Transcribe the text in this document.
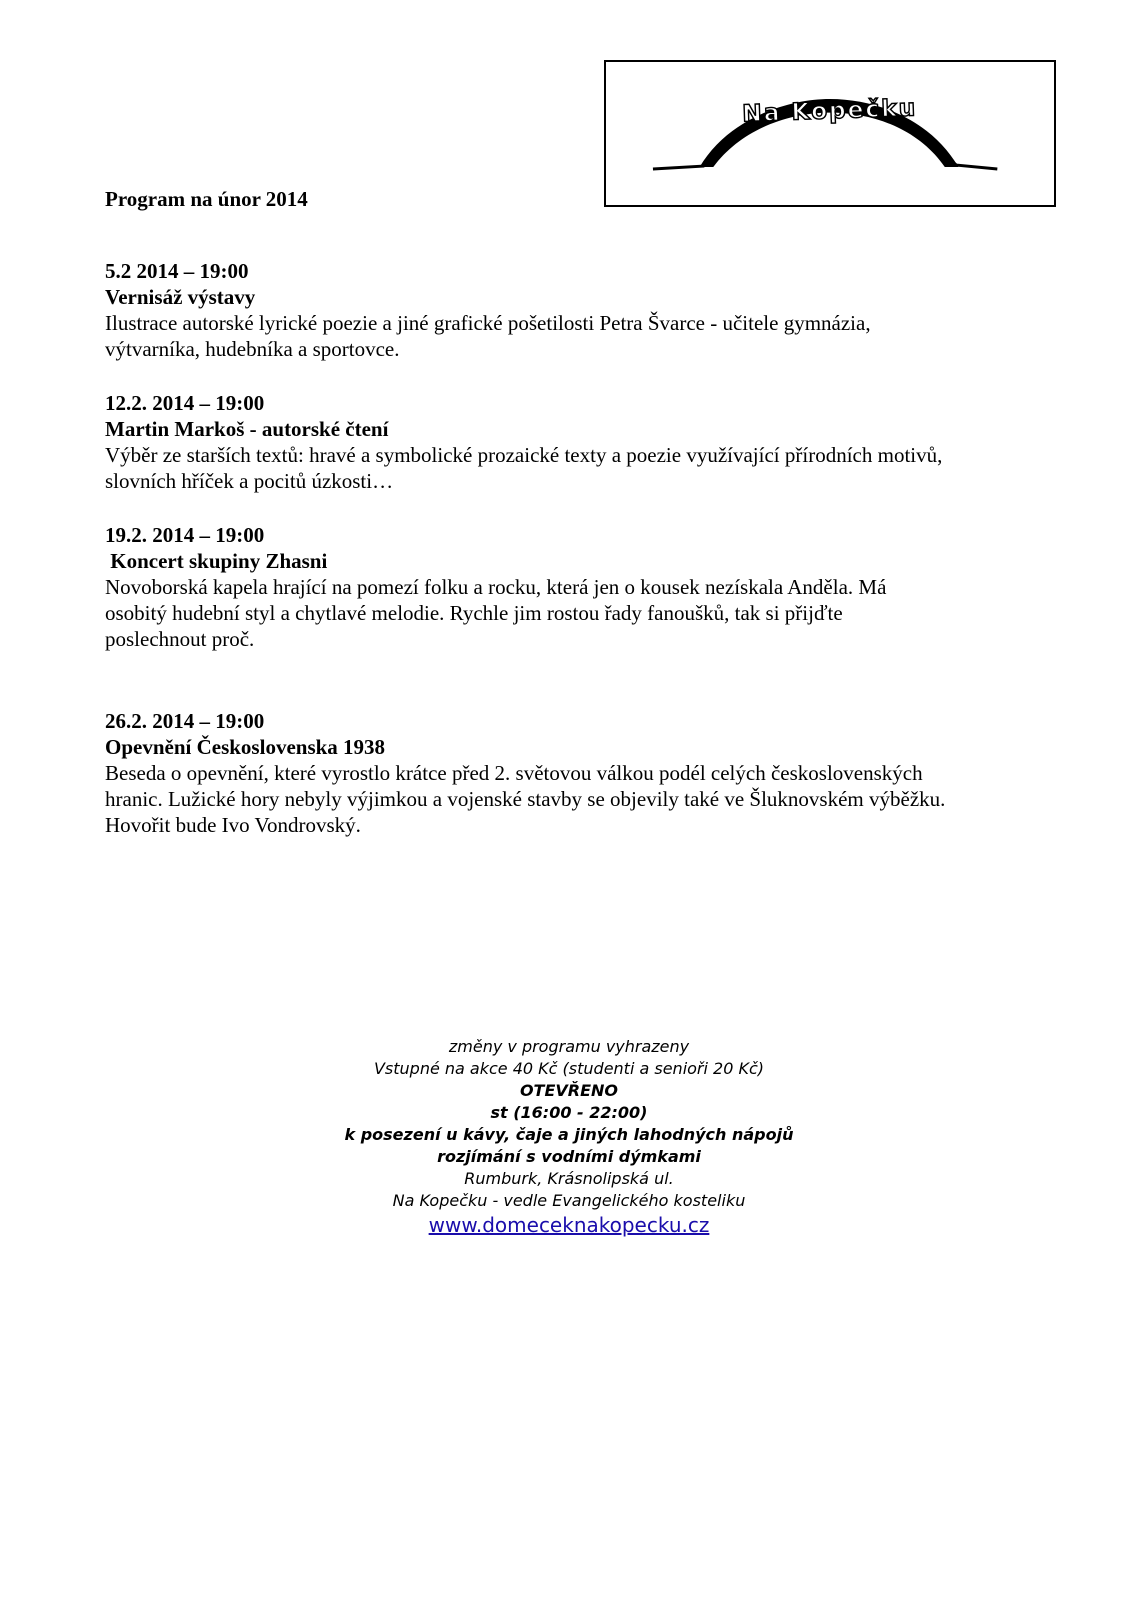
Na Kopečku
Program na únor 2014

5.2 2014 – 19:00

Vernisáž výstavy

Ilustrace autorské lyrické poezie a jiné grafické pošetilosti Petra Švarce - učitele gymnázia,

výtvarníka, hudebníka a sportovce.

12.2. 2014 – 19:00

Martin Markoš - autorské čtení

Výběr ze starších textů: hravé a symbolické prozaické texty a poezie využívající přírodních motivů,

slovních hříček a pocitů úzkosti…

19.2. 2014 – 19:00

Koncert skupiny Zhasni

Novoborská kapela hrající na pomezí folku a rocku, která jen o kousek nezískala Anděla. Má

osobitý hudební styl a chytlavé melodie. Rychle jim rostou řady fanoušků, tak si přijďte

poslechnout proč.

26.2. 2014 – 19:00

Opevnění Československa 1938

Beseda o opevnění, které vyrostlo krátce před 2. světovou válkou podél celých československých

hranic. Lužické hory nebyly výjimkou a vojenské stavby se objevily také ve Šluknovském výběžku.

Hovořit bude Ivo Vondrovský.

změny v programu vyhrazeny
Vstupné na akce 40 Kč (studenti a senioři 20 Kč)
OTEVŘENO
st (16:00 - 22:00)
k posezení u kávy, čaje a jiných lahodných nápojů
rozjímání s vodními dýmkami
Rumburk, Krásnolipská ul.
Na Kopečku - vedle Evangelického kosteliku
www.domeceknakopecku.cz
